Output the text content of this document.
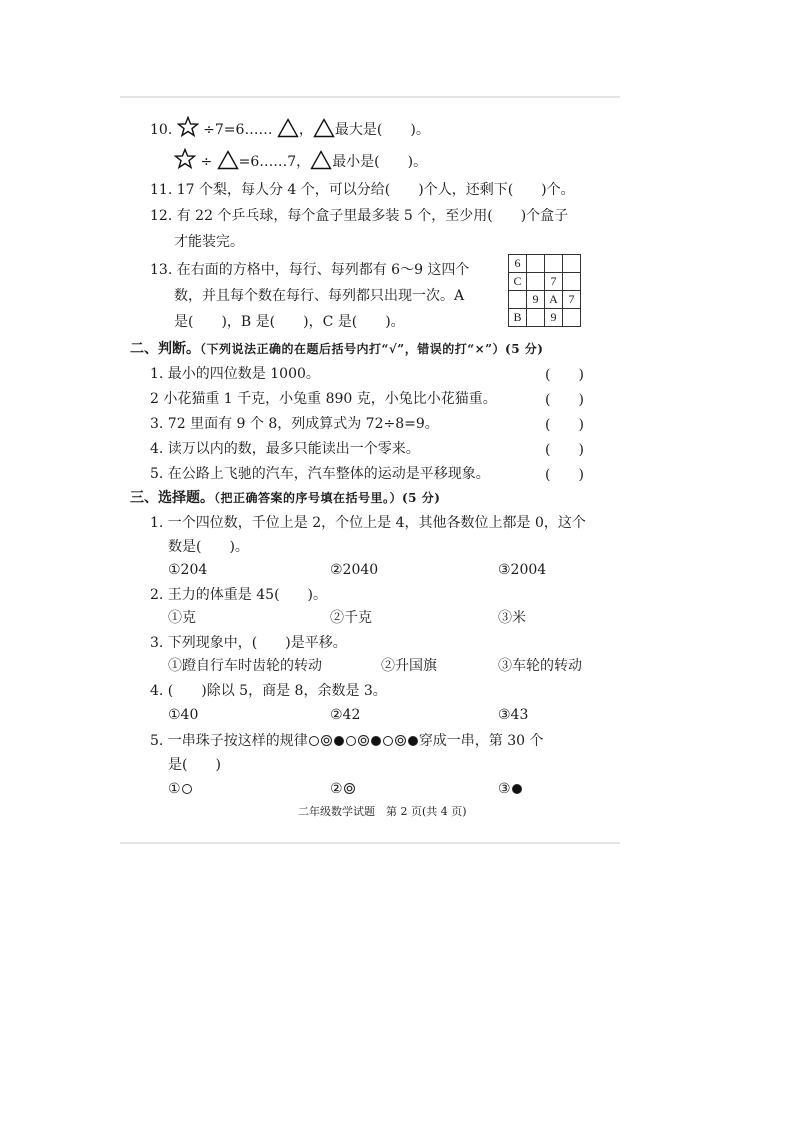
10. ÷7=6…… ， 最大是(　　)。
÷ =6……7， 最小是(　　)。
11. 17 个梨，每人分 4 个，可以分给(　　)个人，还剩下(　　)个。
12. 有 22 个乒乓球，每个盒子里最多装 5 个，至少用(　　)个盒子
才能装完。
13. 在右面的方格中，每行、每列都有 6～9 这四个
数，并且每个数在每行、每列都只出现一次。A
是(　　)，B 是(　　)，C 是(　　)。
6			
C		7	
	9	A	7
B		9	
二、判断。（下列说法正确的在题后括号内打“√”，错误的打“×”）(5 分)
1. 最小的四位数是 1000。	(　　)
2 小花猫重 1 千克，小兔重 890 克，小兔比小花猫重。	(　　)
3. 72 里面有 9 个 8，列成算式为 72÷8=9。	(　　)
4. 读万以内的数，最多只能读出一个零来。	(　　)
5. 在公路上飞驰的汽车，汽车整体的运动是平移现象。	(　　)
三、选择题。（把正确答案的序号填在括号里。）(5 分)
1. 一个四位数，千位上是 2，个位上是 4，其他各数位上都是 0，这个
数是(　　)。
①204	②2040	③2004
2. 王力的体重是 45(　　)。
①克	②千克	③米
3. 下列现象中，(　　)是平移。
①蹬自行车时齿轮的转动	②升国旗	③车轮的转动
4. (　　)除以 5，商是 8，余数是 3。
①40	②42	③43
5. 一串珠子按这样的规律	穿成一串，第 30 个
是(　　)
①	②	③
二年级数学试题　第 2 页(共 4 页)
